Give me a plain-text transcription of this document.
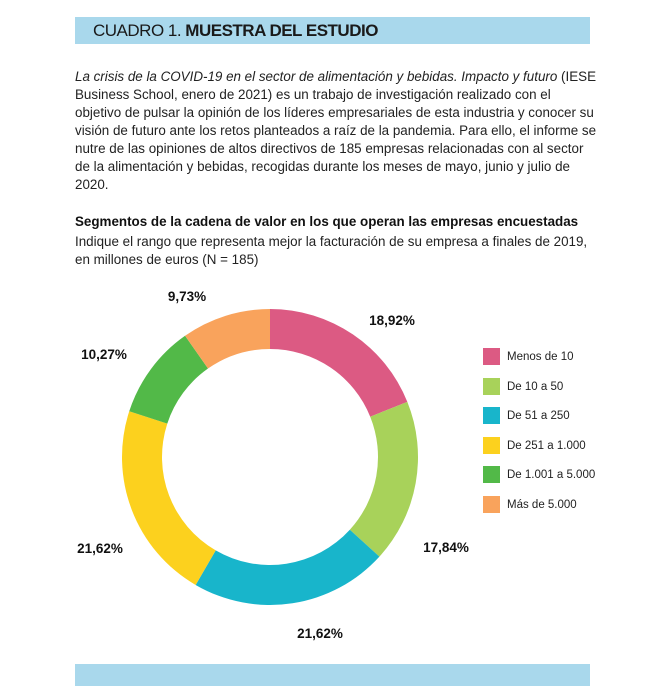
CUADRO 1. MUESTRA DEL ESTUDIO
La crisis de la COVID-19 en el sector de alimentación y bebidas. Impacto y futuro (IESE Business School, enero de 2021) es un trabajo de investigación realizado con el objetivo de pulsar la opinión de los líderes empresariales de esta industria y conocer su visión de futuro ante los retos planteados a raíz de la pandemia. Para ello, el informe se nutre de las opiniones de altos directivos de 185 empresas relacionadas con al sector de la alimentación y bebidas, recogidas durante los meses de mayo, junio y julio de 2020.
Segmentos de la cadena de valor en los que operan las empresas encuestadas
Indique el rango que representa mejor la facturación de su empresa a finales de 2019, en millones de euros (N = 185)
18,92%
17,84%
21,62%
21,62%
10,27%
9,73%
Menos de 10
De 10 a 50
De 51 a 250
De 251 a 1.000
De 1.001 a 5.000
Más de 5.000
